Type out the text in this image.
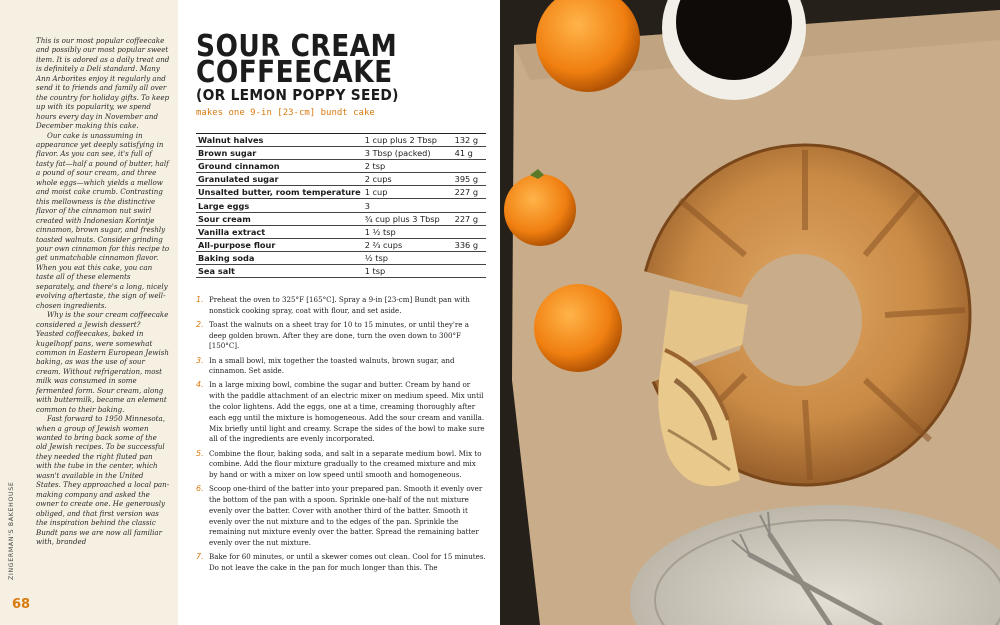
This is our most popular coffeecake and possibly our most popular sweet item. It is adored as a daily treat and is definitely a Deli standard. Many Ann Arborites enjoy it regularly and send it to friends and family all over the country for holiday gifts. To keep up with its popularity, we spend hours every day in November and December making this cake.

Our cake is unassuming in appearance yet deeply satisfying in flavor. As you can see, it's full of tasty fat—half a pound of butter, half a pound of sour cream, and three whole eggs—which yields a mellow and moist cake crumb. Contrasting this mellowness is the distinctive flavor of the cinnamon nut swirl created with Indonesian Korintje cinnamon, brown sugar, and freshly toasted walnuts. Consider grinding your own cinnamon for this recipe to get unmatchable cinnamon flavor. When you eat this cake, you can taste all of these elements separately, and there's a long, nicely evolving aftertaste, the sign of well-chosen ingredients.

Why is the sour cream coffeecake considered a Jewish dessert? Yeasted coffeecakes, baked in kugelhopf pans, were somewhat common in Eastern European Jewish baking, as was the use of sour cream. Without refrigeration, most milk was consumed in some fermented form. Sour cream, along with buttermilk, became an element common to their baking.

Fast forward to 1950 Minnesota, when a group of Jewish women wanted to bring back some of the old Jewish recipes. To be successful they needed the right fluted pan with the tube in the center, which wasn't available in the United States. They approached a local pan-making company and asked the owner to create one. He generously obliged, and that first version was the inspiration behind the classic Bundt pans we are now all familiar with, branded

ZINGERMAN'S BAKEHOUSE
68
SOUR CREAM
COFFEECAKE
(OR LEMON POPPY SEED)
makes one 9-in [23-cm] bundt cake
Walnut halves	1 cup plus 2 Tbsp	132 g
Brown sugar	3 Tbsp (packed)	41 g
Ground cinnamon	2 tsp	
Granulated sugar	2 cups	395 g
Unsalted butter, room temperature	1 cup	227 g
Large eggs	3	
Sour cream	¾ cup plus 3 Tbsp	227 g
Vanilla extract	1 ½ tsp	
All-purpose flour	2 ⅔ cups	336 g
Baking soda	½ tsp	
Sea salt	1 tsp	
1. Preheat the oven to 325°F [165°C]. Spray a 9-in [23-cm] Bundt pan with nonstick cooking spray, coat with flour, and set aside.
2. Toast the walnuts on a sheet tray for 10 to 15 minutes, or until they're a deep golden brown. After they are done, turn the oven down to 300°F [150°C].
3. In a small bowl, mix together the toasted walnuts, brown sugar, and cinnamon. Set aside.
4. In a large mixing bowl, combine the sugar and butter. Cream by hand or with the paddle attachment of an electric mixer on medium speed. Mix until the color lightens. Add the eggs, one at a time, creaming thoroughly after each egg until the mixture is homogeneous. Add the sour cream and vanilla. Mix briefly until light and creamy. Scrape the sides of the bowl to make sure all of the ingredients are evenly incorporated.
5. Combine the flour, baking soda, and salt in a separate medium bowl. Mix to combine. Add the flour mixture gradually to the creamed mixture and mix by hand or with a mixer on low speed until smooth and homogeneous.
6. Scoop one-third of the batter into your prepared pan. Smooth it evenly over the bottom of the pan with a spoon. Sprinkle one-half of the nut mixture evenly over the batter. Cover with another third of the batter. Smooth it evenly over the nut mixture and to the edges of the pan. Sprinkle the remaining nut mixture evenly over the batter. Spread the remaining batter evenly over the nut mixture.
7. Bake for 60 minutes, or until a skewer comes out clean. Cool for 15 minutes. Do not leave the cake in the pan for much longer than this. The
